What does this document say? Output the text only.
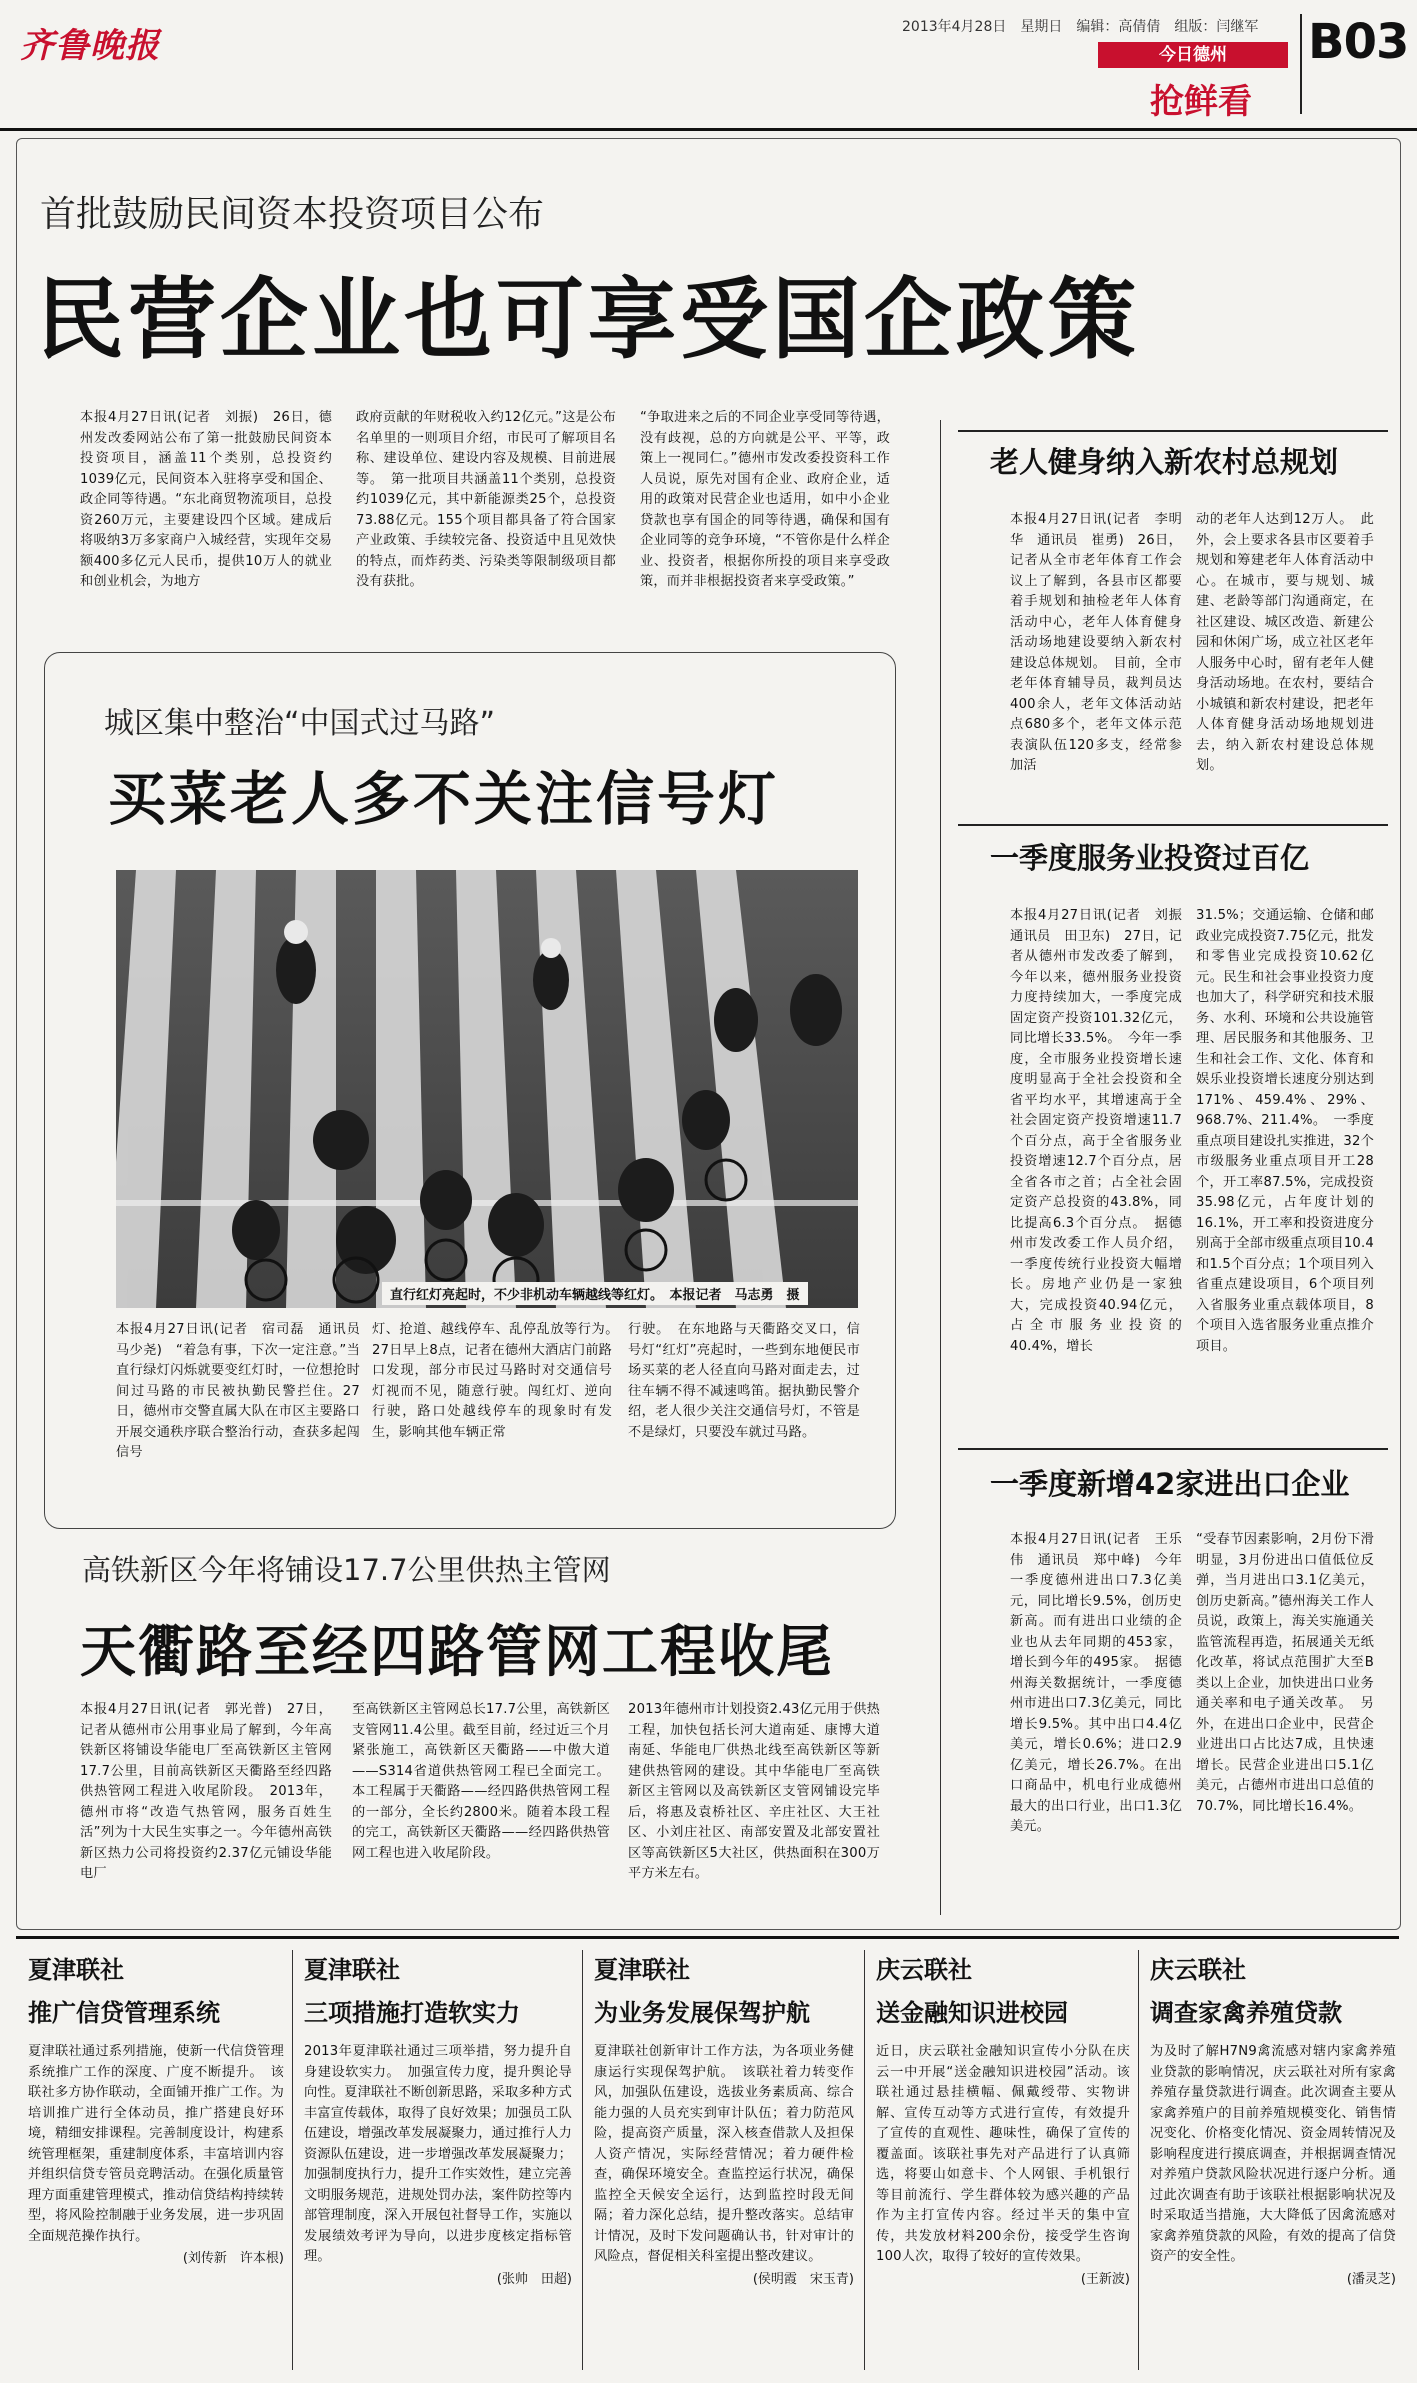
齐鲁晚报	2013年4月28日　星期日　编辑：高倩倩　组版：闫继军
今日德州
抢鲜看
B03
首批鼓励民间资本投资项目公布
民营企业也可享受国企政策
本报4月27日讯(记者　刘振)　26日，德州发改委网站公布了第一批鼓励民间资本投资项目，涵盖11个类别，总投资约1039亿元，民间资本入驻将享受和国企、政企同等待遇。“东北商贸物流项目，总投资260万元，主要建设四个区域。建成后将吸纳3万多家商户入城经营，实现年交易额400多亿元人民币，提供10万人的就业和创业机会，为地方
政府贡献的年财税收入约12亿元。”这是公布名单里的一则项目介绍，市民可了解项目名称、建设单位、建设内容及规模、目前进展等。　第一批项目共涵盖11个类别，总投资约1039亿元，其中新能源类25个，总投资73.88亿元。155个项目都具备了符合国家产业政策、手续较完备、投资适中且见效快的特点，而炸药类、污染类等限制级项目都没有获批。
“争取进来之后的不同企业享受同等待遇，没有歧视，总的方向就是公平、平等，政策上一视同仁。”德州市发改委投资科工作人员说，原先对国有企业、政府企业，适用的政策对民营企业也适用，如中小企业贷款也享有国企的同等待遇，确保和国有企业同等的竞争环境，“不管你是什么样企业、投资者，根据你所投的项目来享受政策，而并非根据投资者来享受政策。”
城区集中整治“中国式过马路”
买菜老人多不关注信号灯
直行红灯亮起时，不少非机动车辆越线等红灯。　本报记者　马志勇　摄
本报4月27日讯(记者　宿司磊　通讯员　马少尧)　“着急有事，下次一定注意。”当直行绿灯闪烁就要变红灯时，一位想抢时间过马路的市民被执勤民警拦住。27日，德州市交警直属大队在市区主要路口开展交通秩序联合整治行动，查获多起闯信号
灯、抢道、越线停车、乱停乱放等行为。　27日早上8点，记者在德州大酒店门前路口发现，部分市民过马路时对交通信号灯视而不见，随意行驶。闯红灯、逆向行驶，路口处越线停车的现象时有发生，影响其他车辆正常
行驶。　在东地路与天衢路交叉口，信号灯“红灯”亮起时，一些到东地便民市场买菜的老人径直向马路对面走去，过往车辆不得不减速鸣笛。据执勤民警介绍，老人很少关注交通信号灯，不管是不是绿灯，只要没车就过马路。
高铁新区今年将铺设17.7公里供热主管网
天衢路至经四路管网工程收尾
本报4月27日讯(记者　郭光普)　27日，记者从德州市公用事业局了解到，今年高铁新区将铺设华能电厂至高铁新区主管网17.7公里，目前高铁新区天衢路至经四路供热管网工程进入收尾阶段。　2013年，德州市将“改造气热管网，服务百姓生活”列为十大民生实事之一。今年德州高铁新区热力公司将投资约2.37亿元铺设华能电厂
至高铁新区主管网总长17.7公里，高铁新区支管网11.4公里。截至目前，经过近三个月紧张施工，高铁新区天衢路——中傲大道——S314省道供热管网工程已全面完工。本工程属于天衢路——经四路供热管网工程的一部分，全长约2800米。随着本段工程的完工，高铁新区天衢路——经四路供热管网工程也进入收尾阶段。
2013年德州市计划投资2.43亿元用于供热工程，加快包括长河大道南延、康博大道南延、华能电厂供热北线至高铁新区等新建供热管网的建设。其中华能电厂至高铁新区主管网以及高铁新区支管网铺设完毕后，将惠及袁桥社区、辛庄社区、大王社区、小刘庄社区、南部安置及北部安置社区等高铁新区5大社区，供热面积在300万平方米左右。
老人健身纳入新农村总规划
本报4月27日讯(记者　李明华　通讯员　崔勇)　26日，记者从全市老年体育工作会议上了解到，各县市区都要着手规划和抽检老年人体育活动中心，老年人体育健身活动场地建设要纳入新农村建设总体规划。　目前，全市老年体育辅导员，裁判员达400余人，老年文体活动站点680多个，老年文体示范表演队伍120多支，经常参加活
动的老年人达到12万人。　此外，会上要求各县市区要着手规划和筹建老年人体育活动中心。在城市，要与规划、城建、老龄等部门沟通商定，在社区建设、城区改造、新建公园和休闲广场，成立社区老年人服务中心时，留有老年人健身活动场地。在农村，要结合小城镇和新农村建设，把老年人体育健身活动场地规划进去，纳入新农村建设总体规划。
一季度服务业投资过百亿
本报4月27日讯(记者　刘振　通讯员　田卫东)　27日，记者从德州市发改委了解到，今年以来，德州服务业投资力度持续加大，一季度完成固定资产投资101.32亿元，同比增长33.5%。　今年一季度，全市服务业投资增长速度明显高于全社会投资和全省平均水平，其增速高于全社会固定资产投资增速11.7个百分点，高于全省服务业投资增速12.7个百分点，居全省各市之首；占全社会固定资产总投资的43.8%，同比提高6.3个百分点。　据德州市发改委工作人员介绍，一季度传统行业投资大幅增长。房地产业仍是一家独大，完成投资40.94亿元，占全市服务业投资的40.4%，增长
31.5%；交通运输、仓储和邮政业完成投资7.75亿元，批发和零售业完成投资10.62亿元。民生和社会事业投资力度也加大了，科学研究和技术服务、水利、环境和公共设施管理、居民服务和其他服务、卫生和社会工作、文化、体育和娱乐业投资增长速度分别达到171%、459.4%、29%、968.7%、211.4%。　一季度重点项目建设扎实推进，32个市级服务业重点项目开工28个，开工率87.5%，完成投资35.98亿元，占年度计划的16.1%，开工率和投资进度分别高于全部市级重点项目10.4和1.5个百分点；1个项目列入省重点建设项目，6个项目列入省服务业重点载体项目，8个项目入选省服务业重点推介项目。
一季度新增42家进出口企业
本报4月27日讯(记者　王乐伟　通讯员　郑中峰)　今年一季度德州进出口7.3亿美元，同比增长9.5%，创历史新高。而有进出口业绩的企业也从去年同期的453家，增长到今年的495家。　据德州海关数据统计，一季度德州市进出口7.3亿美元，同比增长9.5%。其中出口4.4亿美元，增长0.6%；进口2.9亿美元，增长26.7%。在出口商品中，机电行业成德州最大的出口行业，出口1.3亿美元。
“受春节因素影响，2月份下滑明显，3月份进出口值低位反弹，当月进出口3.1亿美元，创历史新高。”德州海关工作人员说，政策上，海关实施通关监管流程再造，拓展通关无纸化改革，将试点范围扩大至B类以上企业，加快进出口业务通关率和电子通关改革。　另外，在进出口企业中，民营企业进出口占比达7成，且快速增长。民营企业进出口5.1亿美元，占德州市进出口总值的70.7%，同比增长16.4%。
夏津联社
推广信贷管理系统
夏津联社通过系列措施，使新一代信贷管理系统推广工作的深度、广度不断提升。　该联社多方协作联动，全面铺开推广工作。为培训推广进行全体动员，推广搭建良好环境，精细安排课程。完善制度设计，构建系统管理框架，重建制度体系，丰富培训内容并组织信贷专管员竞聘活动。在强化质量管理方面重建管理模式，推动信贷结构持续转型，将风险控制融于业务发展，进一步巩固全面规范操作执行。
(刘传新　许本根)
夏津联社
三项措施打造软实力
2013年夏津联社通过三项举措，努力提升自身建设软实力。　加强宣传力度，提升舆论导向性。夏津联社不断创新思路，采取多种方式丰富宣传载体，取得了良好效果；加强员工队伍建设，增强改革发展凝聚力，通过推行人力资源队伍建设，进一步增强改革发展凝聚力；加强制度执行力，提升工作实效性，建立完善文明服务规范，进规处罚办法，案件防控等内部管理制度，深入开展包社督导工作，实施以发展绩效考评为导向，以进步度核定指标管理。
(张帅　田超)
夏津联社
为业务发展保驾护航
夏津联社创新审计工作方法，为各项业务健康运行实现保驾护航。　该联社着力转变作风，加强队伍建设，选拔业务素质高、综合能力强的人员充实到审计队伍；着力防范风险，提高资产质量，深入核查借款人及担保人资产情况，实际经营情况；着力硬件检查，确保环境安全。查监控运行状况，确保监控全天候安全运行，达到监控时段无间隔；着力深化总结，提升整改落实。总结审计情况，及时下发问题确认书，针对审计的风险点，督促相关科室提出整改建议。
(侯明霞　宋玉青)
庆云联社
送金融知识进校园
近日，庆云联社金融知识宣传小分队在庆云一中开展“送金融知识进校园”活动。该联社通过悬挂横幅、佩戴绶带、实物讲解、宣传互动等方式进行宣传，有效提升了宣传的直观性、趣味性，确保了宣传的覆盖面。该联社事先对产品进行了认真筛选，将要山如意卡、个人网银、手机银行等目前流行、学生群体较为感兴趣的产品作为主打宣传内容。经过半天的集中宣传，共发放材料200余份，接受学生咨询100人次，取得了较好的宣传效果。
(王新波)
庆云联社
调查家禽养殖贷款
为及时了解H7N9禽流感对辖内家禽养殖业贷款的影响情况，庆云联社对所有家禽养殖存量贷款进行调查。此次调查主要从家禽养殖户的目前养殖规模变化、销售情况变化、价格变化情况、资金周转情况及影响程度进行摸底调查，并根据调查情况对养殖户贷款风险状况进行逐户分析。通过此次调查有助于该联社根据影响状况及时采取适当措施，大大降低了因禽流感对家禽养殖贷款的风险，有效的提高了信贷资产的安全性。
(潘灵芝)
